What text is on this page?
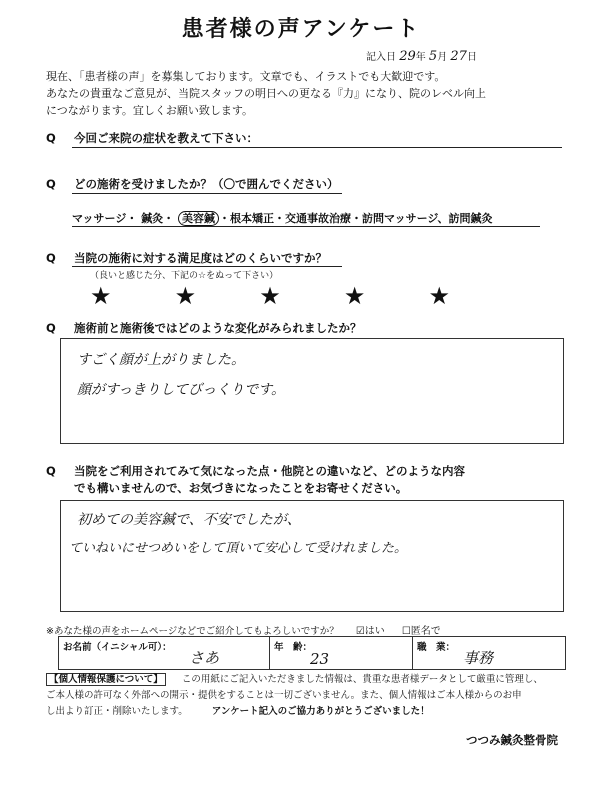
患者様の声アンケート
記入日 29年 5月 27日
現在、「患者様の声」を募集しております。文章でも、イラストでも大歓迎です。
あなたの貴重なご意見が、当院スタッフの明日への更なる『力』になり、院のレベル向上
につながります。宜しくお願い致します。
Q 今回ご来院の症状を教えて下さい：
Q どの施術を受けましたか？（〇で囲んでください）
マッサージ・ 鍼灸・ 美容鍼 ・根本矯正・交通事故治療・訪問マッサージ、訪問鍼灸
Q 当院の施術に対する満足度はどのくらいですか？
（良いと感じた分、下記の☆をぬって下さい）
★	★	★	★	★
Q 施術前と施術後ではどのような変化がみられましたか？
すごく顔が上がりました。
顔がすっきりしてびっくりです。
Q 当院をご利用されてみて気になった点・他院との違いなど、どのような内容
でも構いませんので、お気づきになったことをお寄せください。
初めての美容鍼で、不安でしたが、
ていねいにせつめいをして頂いて安心して受けれました。
※あなた様の声をホームページなどでご紹介してもよろしいですか？ ☑はい ☐匿名で
お名前（イニシャル可）：
さあ
年　齢：
23
職　業：
事務
【個人情報保護について】 この用紙にご記入いただきました情報は、貴重な患者様データとして厳重に管理し、
ご本人様の許可なく外部への開示・提供をすることは一切ございません。また、個人情報はご本人様からのお申
し出より訂正・削除いたします。	アンケート記入のご協力ありがとうございました！
つつみ鍼灸整骨院
